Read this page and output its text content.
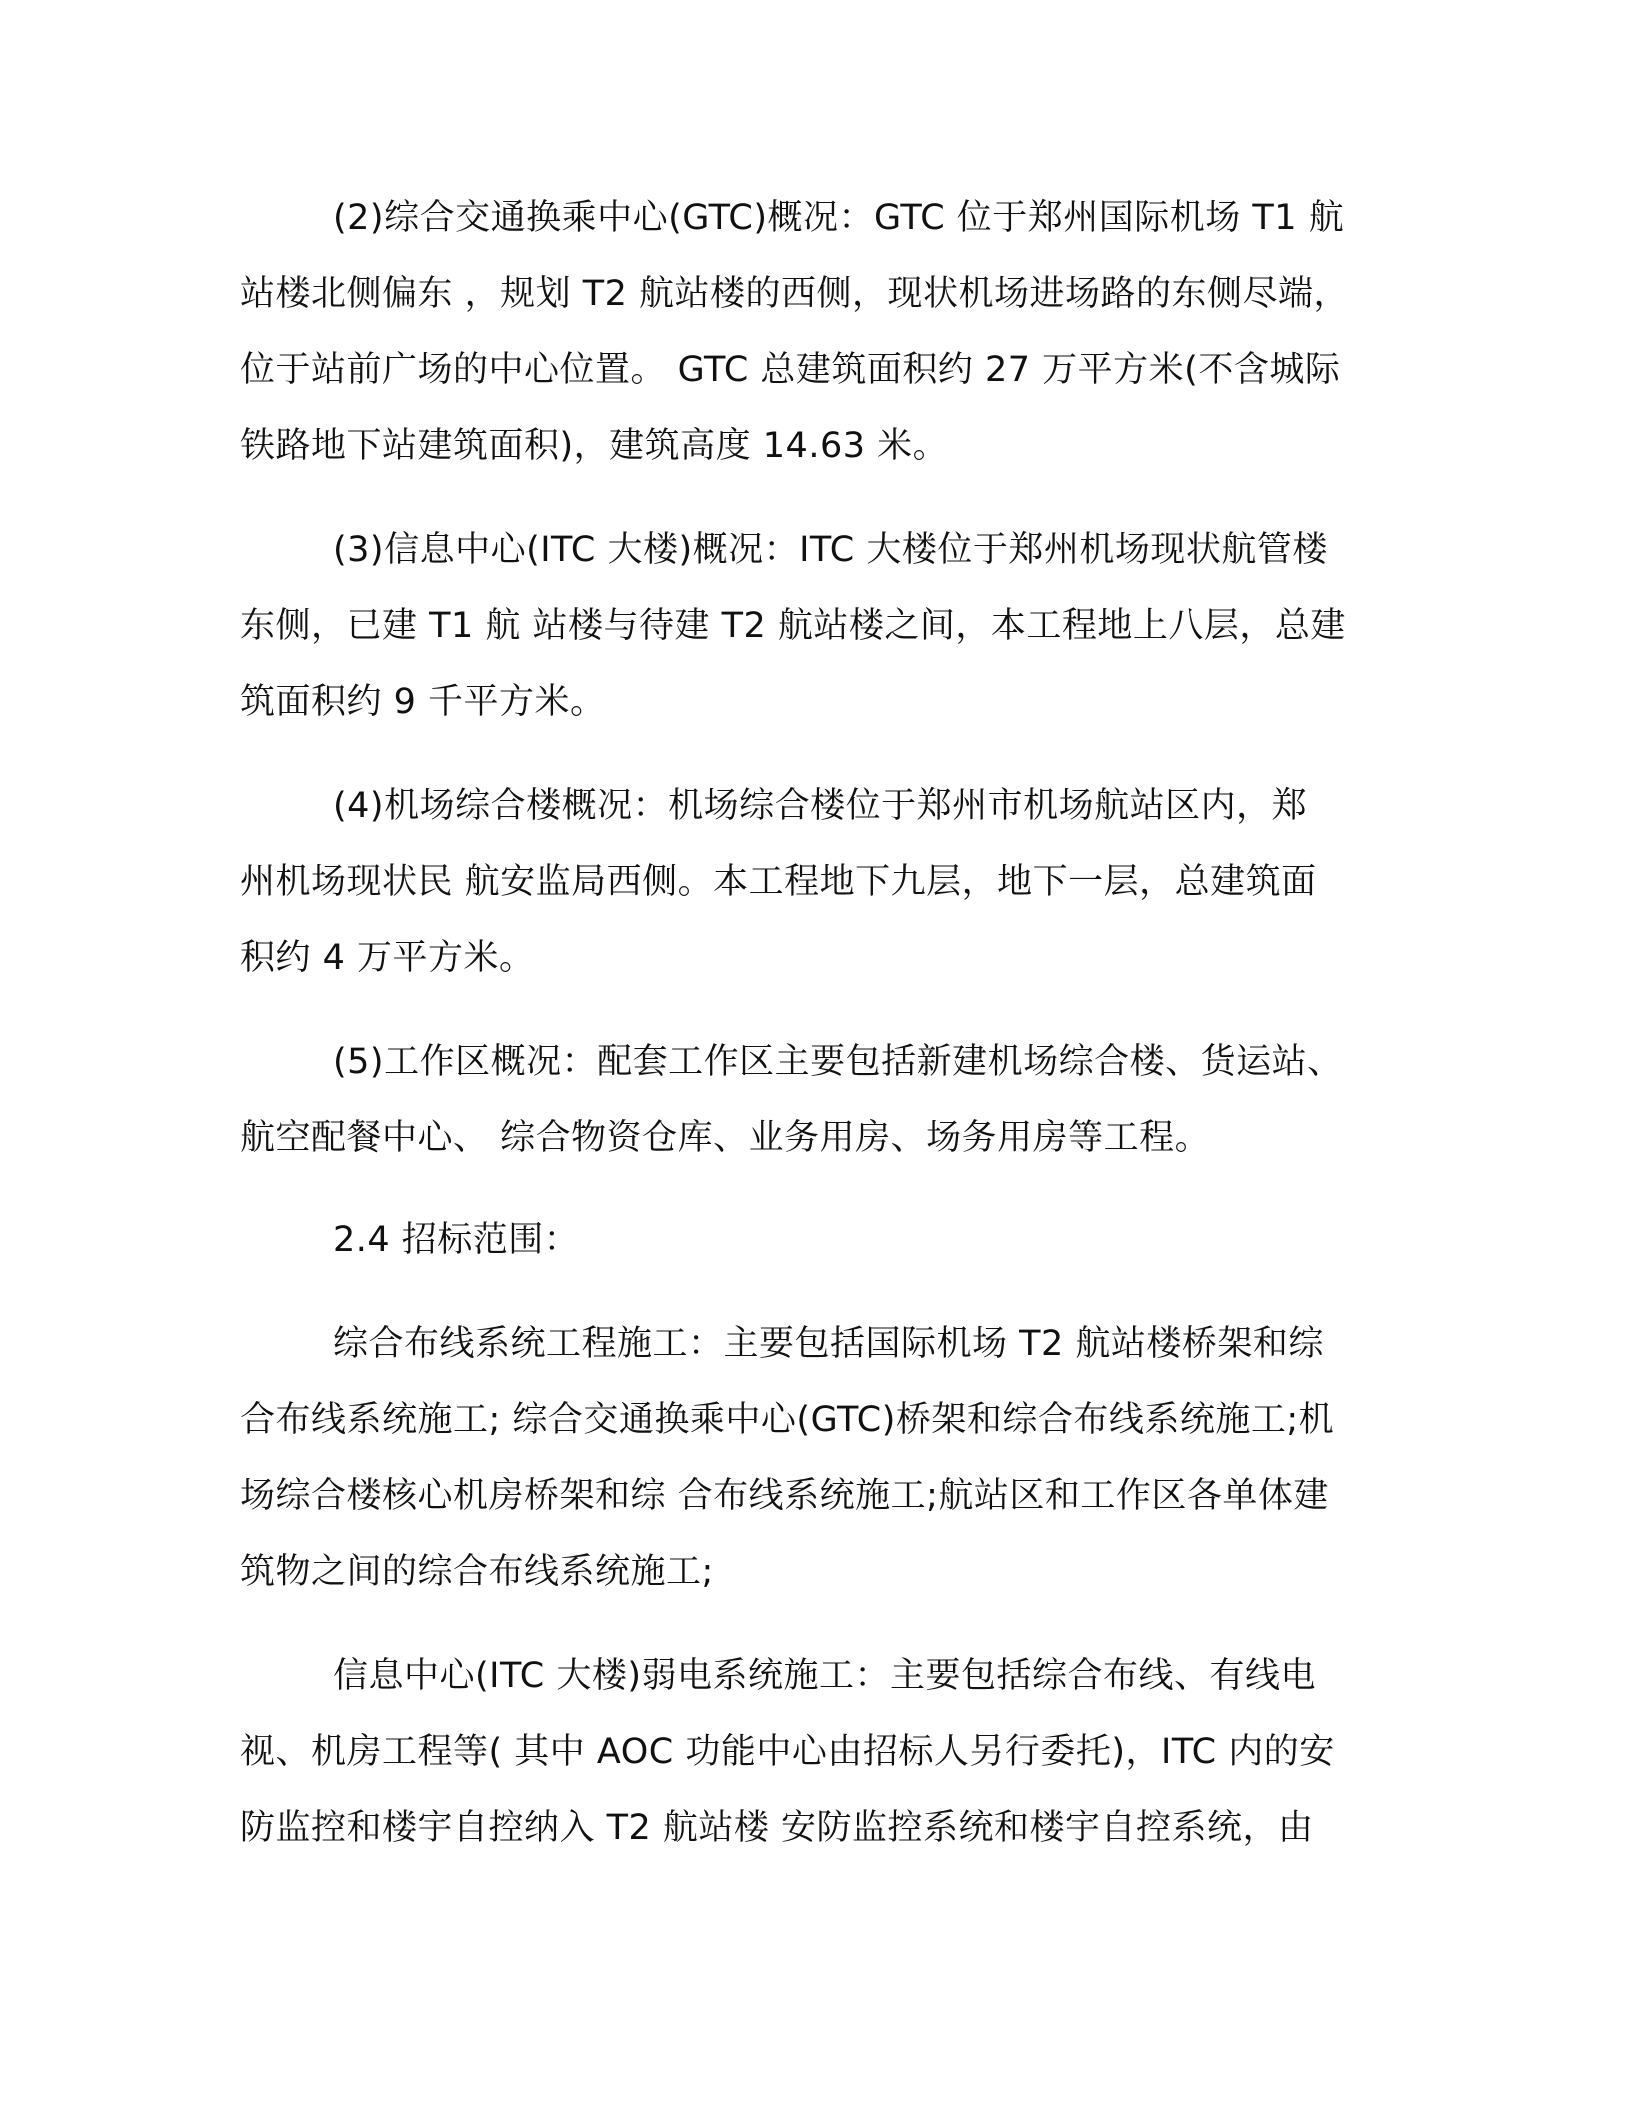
(2)综合交通换乘中心(GTC)概况：GTC 位于郑州国际机场 T1 航

站楼北侧偏东 ，规划 T2 航站楼的西侧，现状机场进场路的东侧尽端，

位于站前广场的中心位置。 GTC 总建筑面积约 27 万平方米(不含城际

铁路地下站建筑面积)，建筑高度 14.63 米。

(3)信息中心(ITC 大楼)概况：ITC 大楼位于郑州机场现状航管楼

东侧，已建 T1 航 站楼与待建 T2 航站楼之间，本工程地上八层，总建

筑面积约 9 千平方米。

(4)机场综合楼概况：机场综合楼位于郑州市机场航站区内，郑

州机场现状民 航安监局西侧。本工程地下九层，地下一层，总建筑面

积约 4 万平方米。

(5)工作区概况：配套工作区主要包括新建机场综合楼、货运站、

航空配餐中心、 综合物资仓库、业务用房、场务用房等工程。

2.4 招标范围：

综合布线系统工程施工：主要包括国际机场 T2 航站楼桥架和综

合布线系统施工; 综合交通换乘中心(GTC)桥架和综合布线系统施工;机

场综合楼核心机房桥架和综 合布线系统施工;航站区和工作区各单体建

筑物之间的综合布线系统施工;

信息中心(ITC 大楼)弱电系统施工：主要包括综合布线、有线电

视、机房工程等( 其中 AOC 功能中心由招标人另行委托)，ITC 内的安

防监控和楼宇自控纳入 T2 航站楼 安防监控系统和楼宇自控系统，由
